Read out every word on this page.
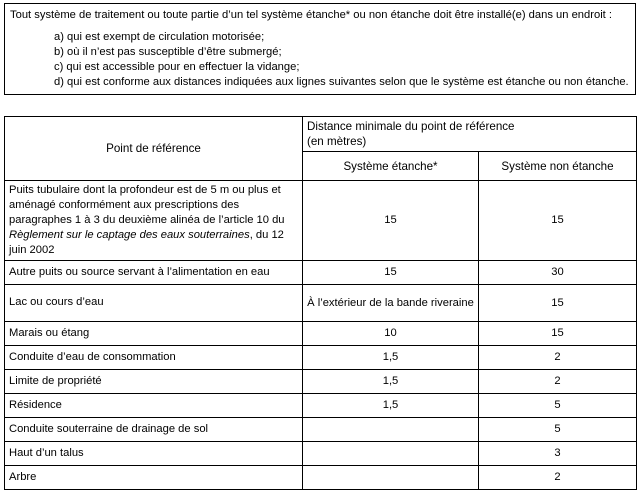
Tout système de traitement ou toute partie d’un tel système étanche* ou non étanche doit être installé(e) dans un endroit :

a) qui est exempt de circulation motorisée;
b) où il n’est pas susceptible d’être submergé;
c) qui est accessible pour en effectuer la vidange;
d) qui est conforme aux distances indiquées aux lignes suivantes selon que le système est étanche ou non étanche.
Point de référence	Distance minimale du point de référence
(en mètres)	

	Système étanche*	Système non étanche
Puits tubulaire dont la profondeur est de 5 m ou plus et aménagé conformément aux prescriptions des paragraphes 1 à 3 du deuxième alinéa de l’article 10 du Règlement sur le captage des eaux souterraines, du 12 juin 2002	15	15
Autre puits ou source servant à l’alimentation en eau	15	30
Lac ou cours d’eau	À l’extérieur de la bande riveraine	15
Marais ou étang	10	15
Conduite d’eau de consommation	1,5	2
Limite de propriété	1,5	2
Résidence	1,5	5
Conduite souterraine de drainage de sol		5
Haut d’un talus		3
Arbre		2
